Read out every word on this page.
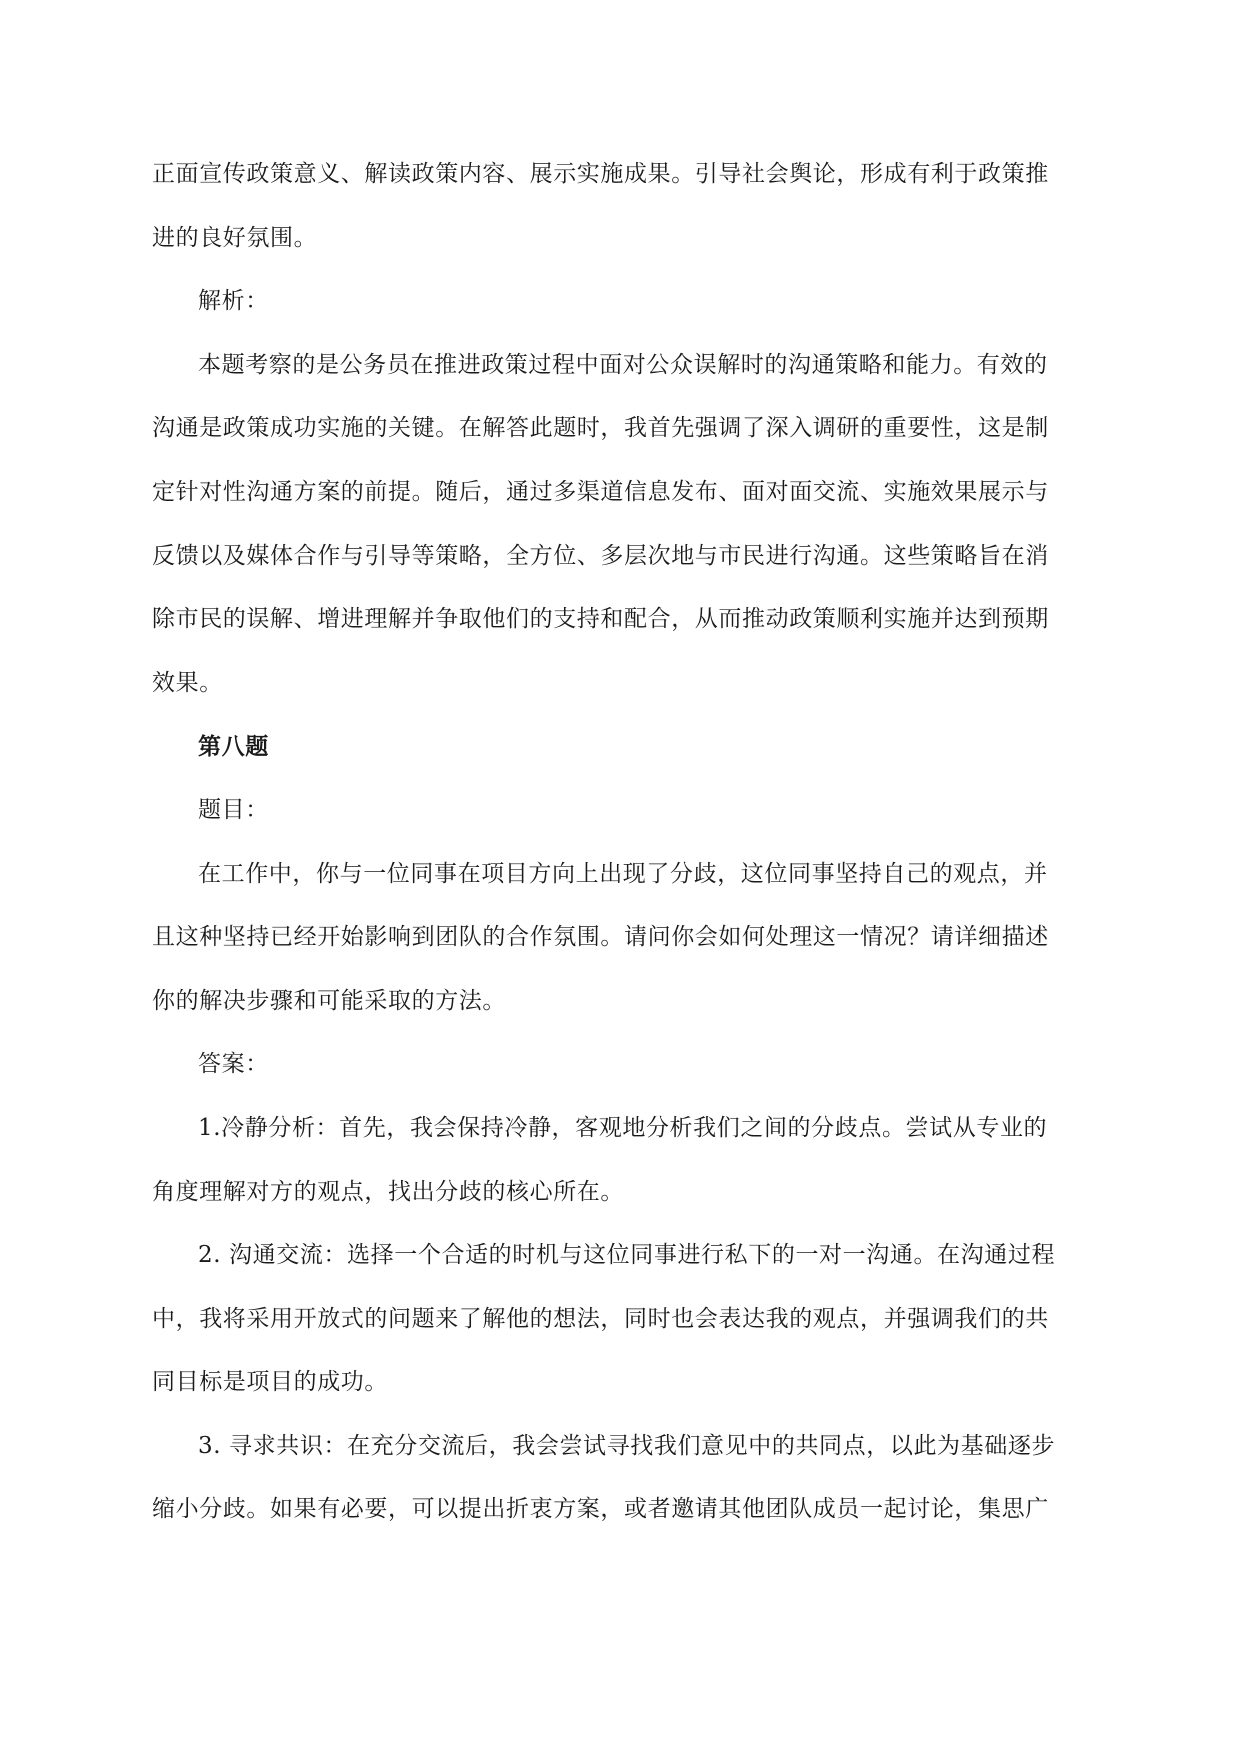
正面宣传政策意义、解读政策内容、展示实施成果。引导社会舆论，形成有利于政策推
进的良好氛围。

解析：

本题考察的是公务员在推进政策过程中面对公众误解时的沟通策略和能力。有效的
沟通是政策成功实施的关键。在解答此题时，我首先强调了深入调研的重要性，这是制
定针对性沟通方案的前提。随后，通过多渠道信息发布、面对面交流、实施效果展示与
反馈以及媒体合作与引导等策略，全方位、多层次地与市民进行沟通。这些策略旨在消
除市民的误解、增进理解并争取他们的支持和配合，从而推动政策顺利实施并达到预期
效果。

第八题

题目：

在工作中，你与一位同事在项目方向上出现了分歧，这位同事坚持自己的观点，并
且这种坚持已经开始影响到团队的合作氛围。请问你会如何处理这一情况？请详细描述
你的解决步骤和可能采取的方法。

答案：

1.冷静分析：首先，我会保持冷静，客观地分析我们之间的分歧点。尝试从专业的
角度理解对方的观点，找出分歧的核心所在。

2. 沟通交流：选择一个合适的时机与这位同事进行私下的一对一沟通。在沟通过程
中，我将采用开放式的问题来了解他的想法，同时也会表达我的观点，并强调我们的共
同目标是项目的成功。

3. 寻求共识：在充分交流后，我会尝试寻找我们意见中的共同点，以此为基础逐步
缩小分歧。如果有必要，可以提出折衷方案，或者邀请其他团队成员一起讨论，集思广
